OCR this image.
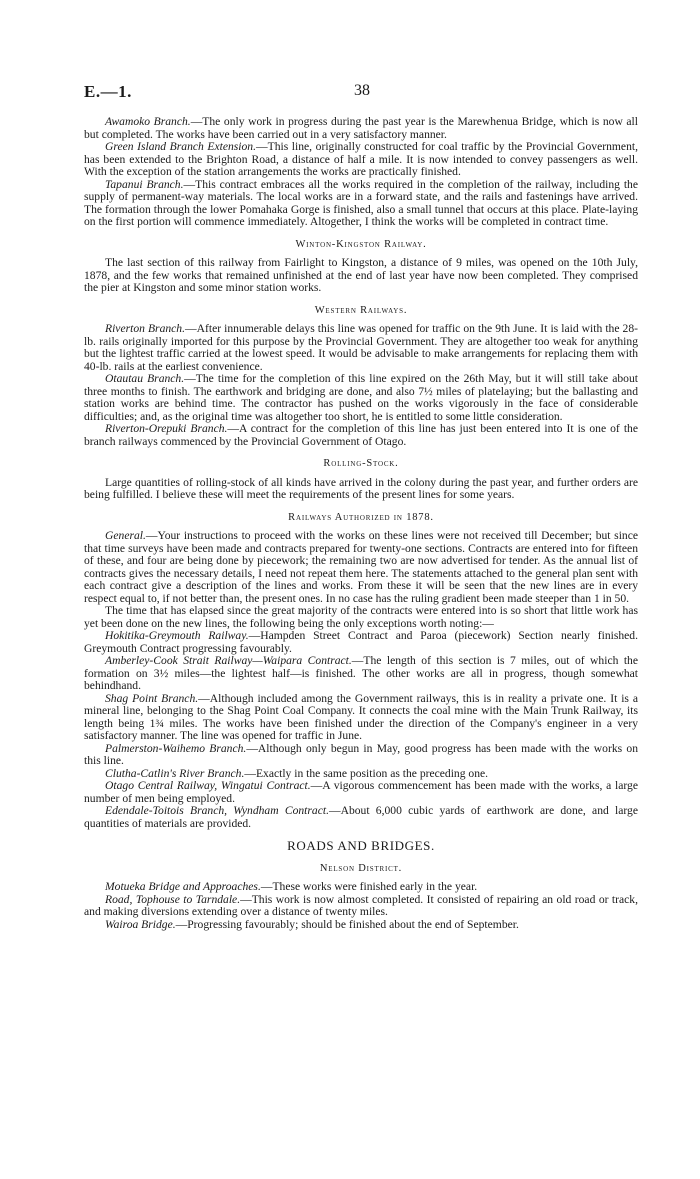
E.—1.	38

Awamoko Branch.—The only work in progress during the past year is the Marewhenua Bridge, which is now all but completed. The works have been carried out in a very satisfactory manner.

Green Island Branch Extension.—This line, originally constructed for coal traffic by the Provincial Government, has been extended to the Brighton Road, a distance of half a mile. It is now intended to convey passengers as well. With the exception of the station arrangements the works are practically finished.

Tapanui Branch.—This contract embraces all the works required in the completion of the railway, including the supply of permanent-way materials. The local works are in a forward state, and the rails and fastenings have arrived. The formation through the lower Pomahaka Gorge is finished, also a small tunnel that occurs at this place. Plate-laying on the first portion will commence immediately. Altogether, I think the works will be completed in contract time.

Winton-Kingston Railway.

The last section of this railway from Fairlight to Kingston, a distance of 9 miles, was opened on the 10th July, 1878, and the few works that remained unfinished at the end of last year have now been completed. They comprised the pier at Kingston and some minor station works.

Western Railways.

Riverton Branch.—After innumerable delays this line was opened for traffic on the 9th June. It is laid with the 28-lb. rails originally imported for this purpose by the Provincial Government. They are altogether too weak for anything but the lightest traffic carried at the lowest speed. It would be advisable to make arrangements for replacing them with 40-lb. rails at the earliest convenience.

Otautau Branch.—The time for the completion of this line expired on the 26th May, but it will still take about three months to finish. The earthwork and bridging are done, and also 7½ miles of platelaying; but the ballasting and station works are behind time. The contractor has pushed on the works vigorously in the face of considerable difficulties; and, as the original time was altogether too short, he is entitled to some little consideration.

Riverton-Orepuki Branch.—A contract for the completion of this line has just been entered into It is one of the branch railways commenced by the Provincial Government of Otago.

Rolling-Stock.

Large quantities of rolling-stock of all kinds have arrived in the colony during the past year, and further orders are being fulfilled. I believe these will meet the requirements of the present lines for some years.

Railways Authorized in 1878.

General.—Your instructions to proceed with the works on these lines were not received till December; but since that time surveys have been made and contracts prepared for twenty-one sections. Contracts are entered into for fifteen of these, and four are being done by piecework; the remaining two are now advertised for tender. As the annual list of contracts gives the necessary details, I need not repeat them here. The statements attached to the general plan sent with each contract give a description of the lines and works. From these it will be seen that the new lines are in every respect equal to, if not better than, the present ones. In no case has the ruling gradient been made steeper than 1 in 50.

The time that has elapsed since the great majority of the contracts were entered into is so short that little work has yet been done on the new lines, the following being the only exceptions worth noting:—

Hokitika-Greymouth Railway.—Hampden Street Contract and Paroa (piecework) Section nearly finished. Greymouth Contract progressing favourably.

Amberley-Cook Strait Railway—Waipara Contract.—The length of this section is 7 miles, out of which the formation on 3½ miles—the lightest half—is finished. The other works are all in progress, though somewhat behindhand.

Shag Point Branch.—Although included among the Government railways, this is in reality a private one. It is a mineral line, belonging to the Shag Point Coal Company. It connects the coal mine with the Main Trunk Railway, its length being 1¾ miles. The works have been finished under the direction of the Company's engineer in a very satisfactory manner. The line was opened for traffic in June.

Palmerston-Waihemo Branch.—Although only begun in May, good progress has been made with the works on this line.

Clutha-Catlin's River Branch.—Exactly in the same position as the preceding one.

Otago Central Railway, Wingatui Contract.—A vigorous commencement has been made with the works, a large number of men being employed.

Edendale-Toitois Branch, Wyndham Contract.—About 6,000 cubic yards of earthwork are done, and large quantities of materials are provided.

ROADS AND BRIDGES.
Nelson District.

Motueka Bridge and Approaches.—These works were finished early in the year.

Road, Tophouse to Tarndale.—This work is now almost completed. It consisted of repairing an old road or track, and making diversions extending over a distance of twenty miles.

Wairoa Bridge.—Progressing favourably; should be finished about the end of September.
